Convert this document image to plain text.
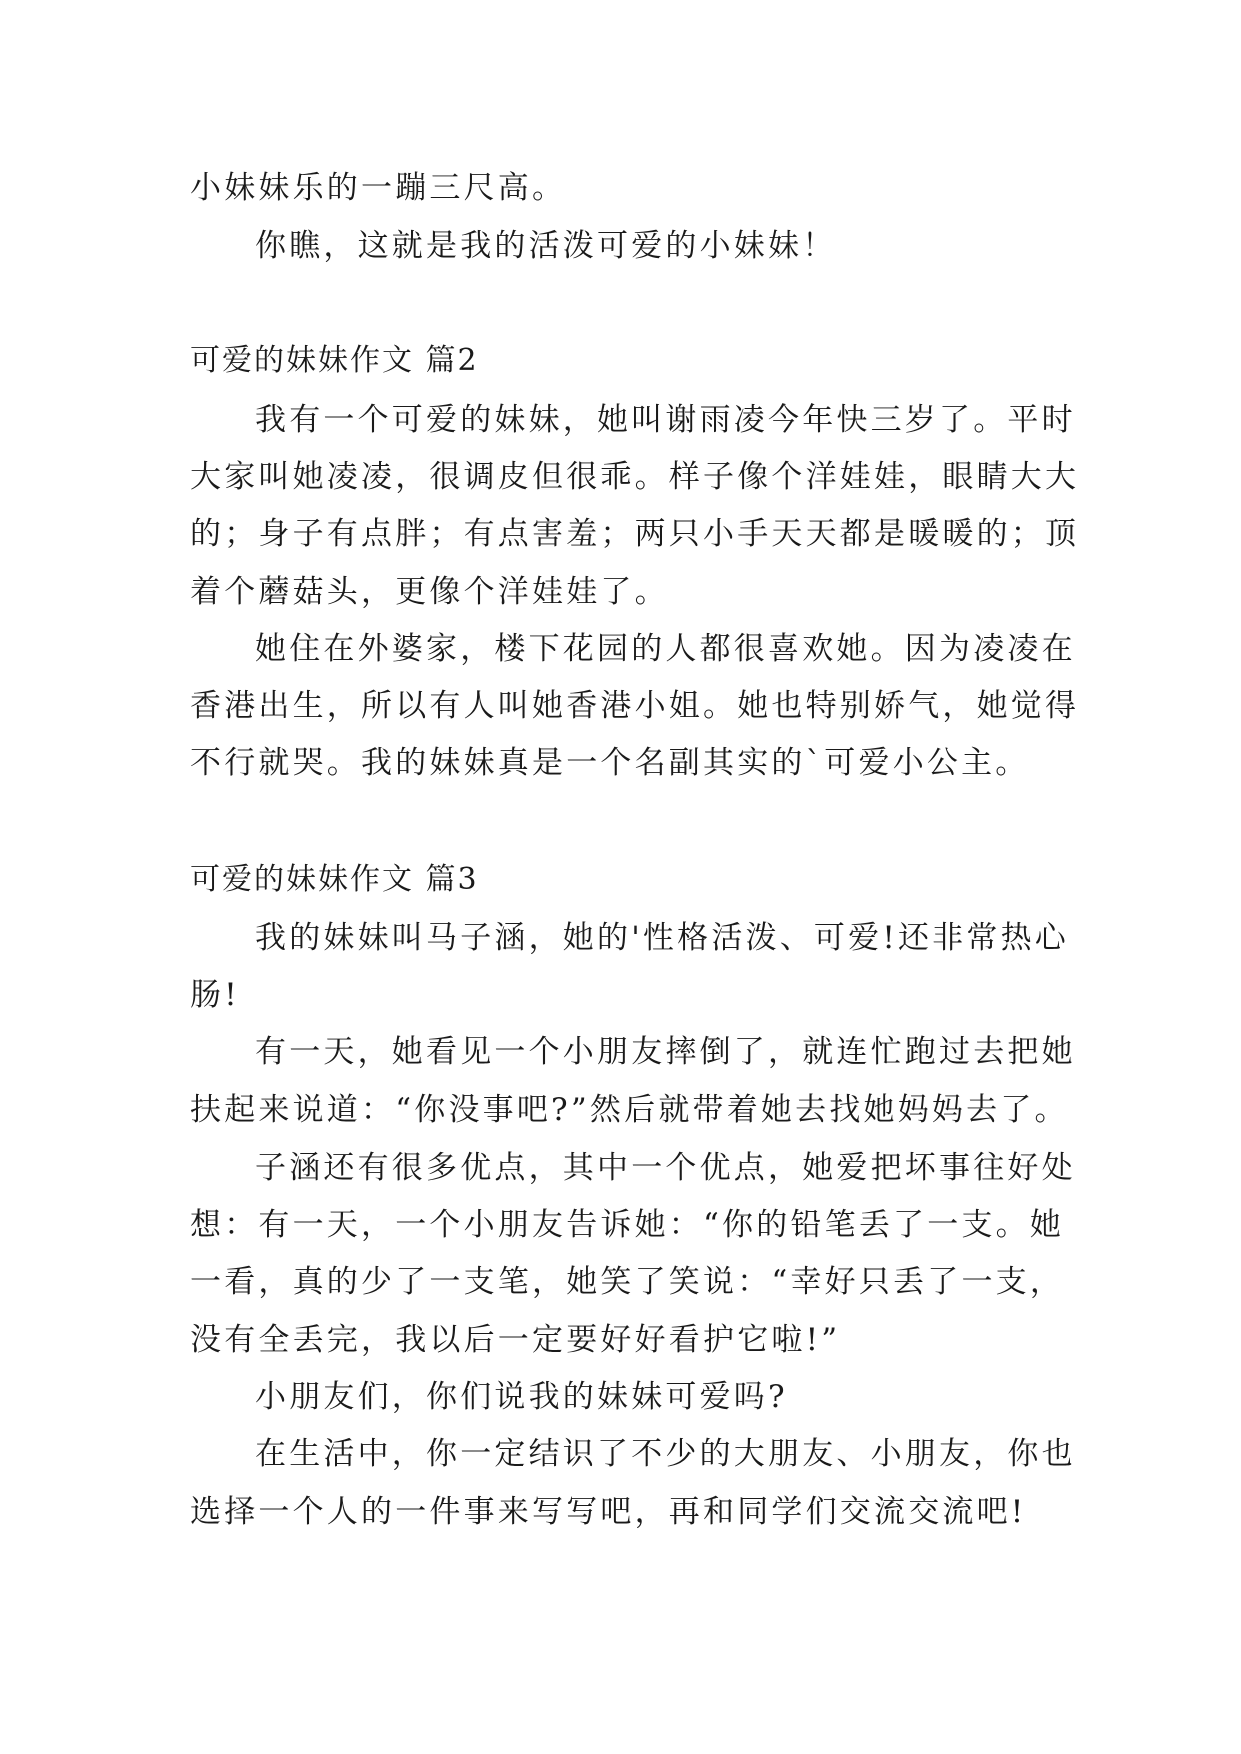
小妹妹乐的一蹦三尺高。
你瞧，这就是我的活泼可爱的小妹妹！
可爱的妹妹作文 篇2
我有一个可爱的妹妹，她叫谢雨凌今年快三岁了。平时
大家叫她凌凌，很调皮但很乖。样子像个洋娃娃，眼睛大大
的；身子有点胖；有点害羞；两只小手天天都是暖暖的；顶
着个蘑菇头，更像个洋娃娃了。
她住在外婆家，楼下花园的人都很喜欢她。因为凌凌在
香港出生，所以有人叫她香港小姐。她也特别娇气，她觉得
不行就哭。我的妹妹真是一个名副其实的`可爱小公主。
可爱的妹妹作文 篇3
我的妹妹叫马子涵，她的'性格活泼、可爱!还非常热心
肠!
有一天，她看见一个小朋友摔倒了，就连忙跑过去把她
扶起来说道：“你没事吧?”然后就带着她去找她妈妈去了。
子涵还有很多优点，其中一个优点，她爱把坏事往好处
想：有一天，一个小朋友告诉她：“你的铅笔丢了一支。她
一看，真的少了一支笔，她笑了笑说：“幸好只丢了一支，
没有全丢完，我以后一定要好好看护它啦!”
小朋友们，你们说我的妹妹可爱吗?
在生活中，你一定结识了不少的大朋友、小朋友，你也
选择一个人的一件事来写写吧，再和同学们交流交流吧!
